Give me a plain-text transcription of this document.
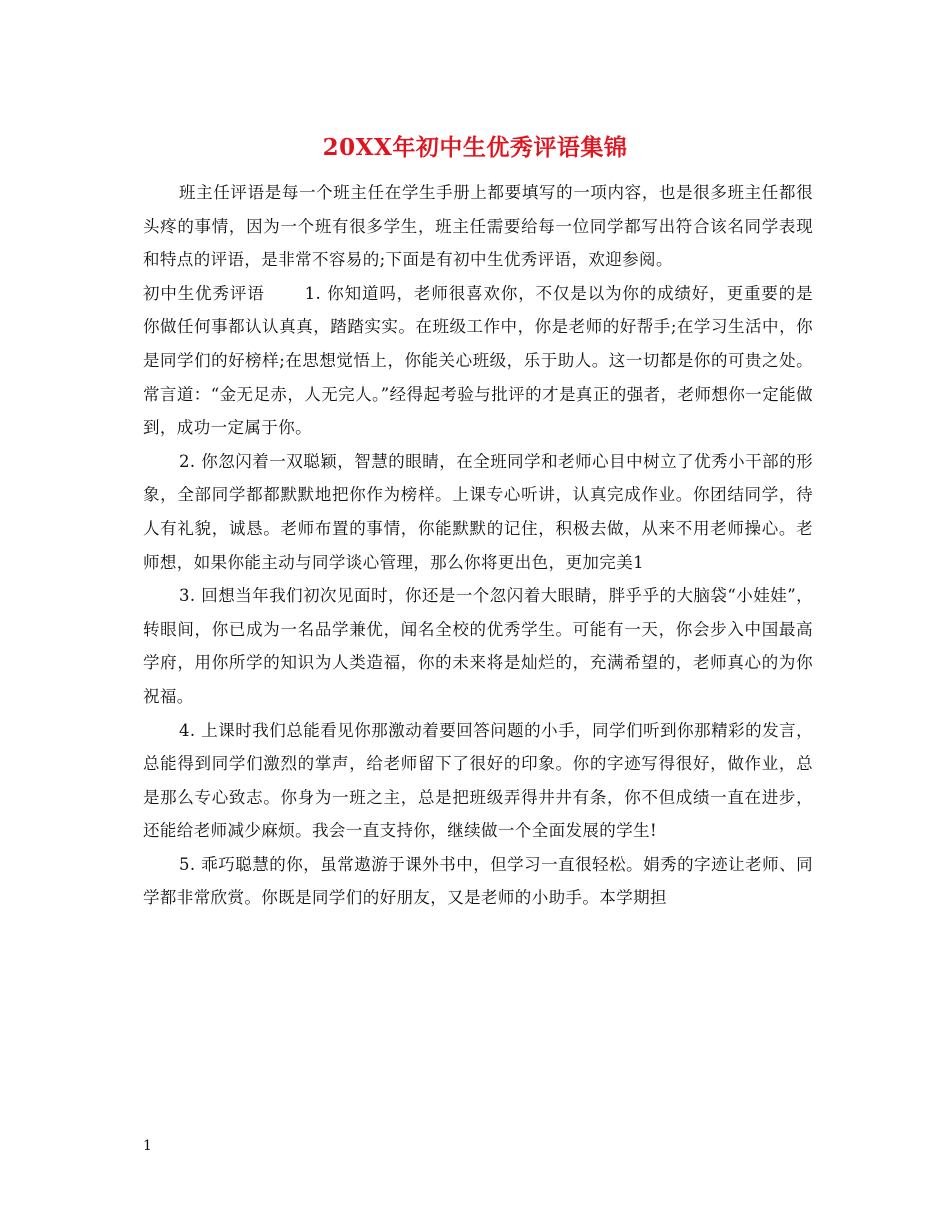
20XX年初中生优秀评语集锦

班主任评语是每一个班主任在学生手册上都要填写的一项内容，也是很多班主任都很头疼的事情，因为一个班有很多学生，班主任需要给每一位同学都写出符合该名同学表现和特点的评语，是非常不容易的;下面是有初中生优秀评语，欢迎参阅。

初中生优秀评语 1. 你知道吗，老师很喜欢你，不仅是以为你的成绩好，更重要的是你做任何事都认认真真，踏踏实实。在班级工作中，你是老师的好帮手;在学习生活中，你是同学们的好榜样;在思想觉悟上，你能关心班级，乐于助人。这一切都是你的可贵之处。常言道：“金无足赤，人无完人。”经得起考验与批评的才是真正的强者，老师想你一定能做到，成功一定属于你。

2. 你忽闪着一双聪颖，智慧的眼睛，在全班同学和老师心目中树立了优秀小干部的形象，全部同学都都默默地把你作为榜样。上课专心听讲，认真完成作业。你团结同学，待人有礼貌，诚恳。老师布置的事情，你能默默的记住，积极去做，从来不用老师操心。老师想，如果你能主动与同学谈心管理，那么你将更出色，更加完美1

3. 回想当年我们初次见面时，你还是一个忽闪着大眼睛，胖乎乎的大脑袋“小娃娃”，转眼间，你已成为一名品学兼优，闻名全校的优秀学生。可能有一天，你会步入中国最高学府，用你所学的知识为人类造福，你的未来将是灿烂的，充满希望的，老师真心的为你祝福。

4. 上课时我们总能看见你那激动着要回答问题的小手，同学们听到你那精彩的发言，总能得到同学们激烈的掌声，给老师留下了很好的印象。你的字迹写得很好，做作业，总是那么专心致志。你身为一班之主，总是把班级弄得井井有条，你不但成绩一直在进步，还能给老师减少麻烦。我会一直支持你，继续做一个全面发展的学生!

5. 乖巧聪慧的你，虽常遨游于课外书中，但学习一直很轻松。娟秀的字迹让老师、同学都非常欣赏。你既是同学们的好朋友，又是老师的小助手。本学期担

1
